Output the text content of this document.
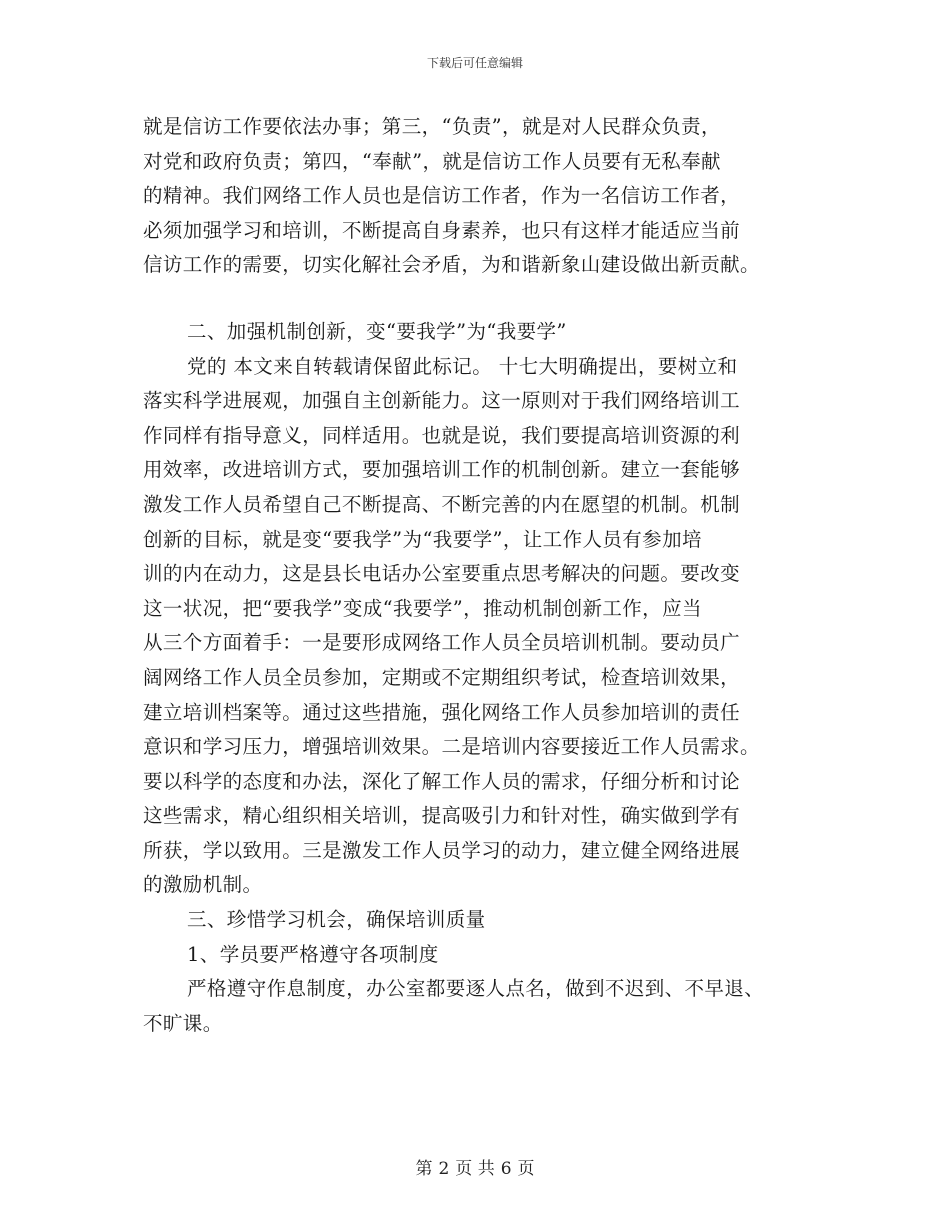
下载后可任意编辑
就是信访工作要依法办事；第三，“负责”，就是对人民群众负责，
对党和政府负责；第四，“奉献”，就是信访工作人员要有无私奉献
的精神。我们网络工作人员也是信访工作者，作为一名信访工作者，
必须加强学习和培训，不断提高自身素养，也只有这样才能适应当前
信访工作的需要，切实化解社会矛盾，为和谐新象山建设做出新贡献。
二、加强机制创新，变“要我学”为“我要学”
党的 本文来自转载请保留此标记。 十七大明确提出，要树立和
落实科学进展观，加强自主创新能力。这一原则对于我们网络培训工
作同样有指导意义，同样适用。也就是说，我们要提高培训资源的利
用效率，改进培训方式，要加强培训工作的机制创新。建立一套能够
激发工作人员希望自己不断提高、不断完善的内在愿望的机制。机制
创新的目标，就是变“要我学”为“我要学”，让工作人员有参加培
训的内在动力，这是县长电话办公室要重点思考解决的问题。要改变
这一状况，把“要我学”变成“我要学”，推动机制创新工作，应当
从三个方面着手：一是要形成网络工作人员全员培训机制。要动员广
阔网络工作人员全员参加，定期或不定期组织考试，检查培训效果，
建立培训档案等。通过这些措施，强化网络工作人员参加培训的责任
意识和学习压力，增强培训效果。二是培训内容要接近工作人员需求。
要以科学的态度和办法，深化了解工作人员的需求，仔细分析和讨论
这些需求，精心组织相关培训，提高吸引力和针对性，确实做到学有
所获，学以致用。三是激发工作人员学习的动力，建立健全网络进展
的激励机制。
三、珍惜学习机会，确保培训质量
1、学员要严格遵守各项制度
严格遵守作息制度，办公室都要逐人点名，做到不迟到、不早退、
不旷课。
第 2 页 共 6 页
